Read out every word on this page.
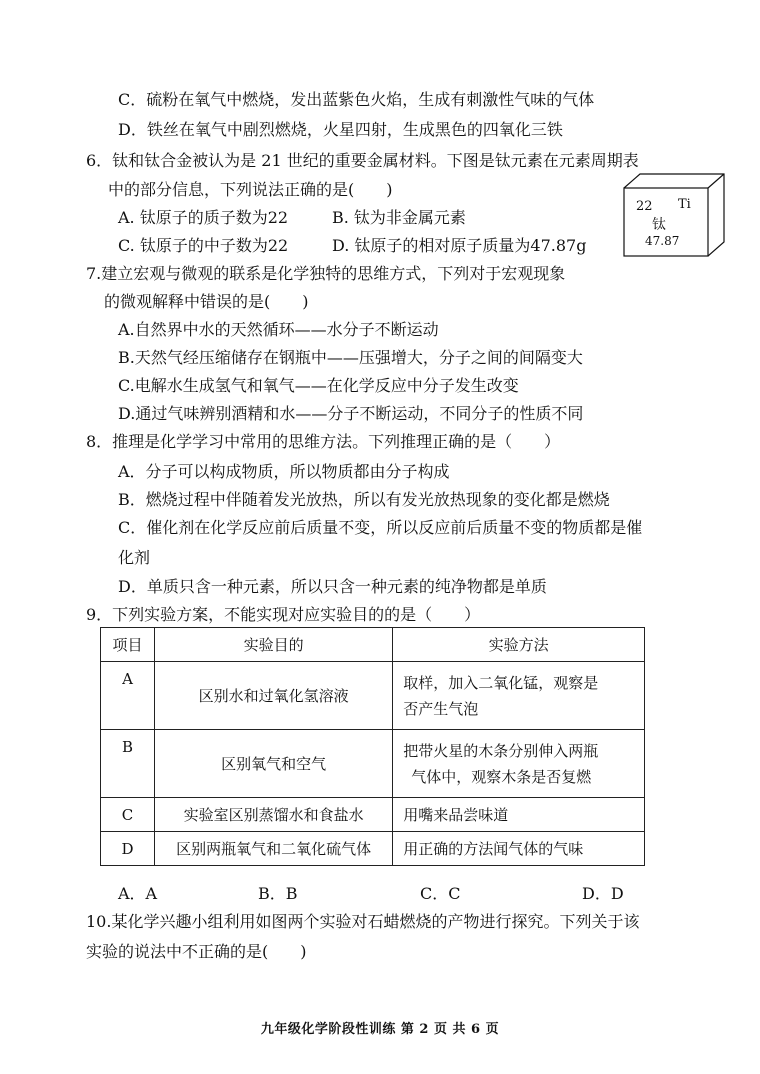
C．硫粉在氧气中燃烧，发出蓝紫色火焰，生成有刺激性气味的气体
D．铁丝在氧气中剧烈燃烧，火星四射，生成黑色的四氧化三铁
6．钛和钛合金被认为是 21 世纪的重要金属材料。下图是钛元素在元素周期表
中的部分信息，下列说法正确的是(　　)
A. 钛原子的质子数为22	B. 钛为非金属元素
C. 钛原子的中子数为22	D. 钛原子的相对原子质量为47.87g
22 Ti
钛
47.87
7.建立宏观与微观的联系是化学独特的思维方式，下列对于宏观现象
的微观解释中错误的是(　　)
A.自然界中水的天然循环——水分子不断运动
B.天然气经压缩储存在钢瓶中——压强增大，分子之间的间隔变大
C.电解水生成氢气和氧气——在化学反应中分子发生改变
D.通过气味辨别酒精和水——分子不断运动，不同分子的性质不同
8．推理是化学学习中常用的思维方法。下列推理正确的是（　　）
A．分子可以构成物质，所以物质都由分子构成
B．燃烧过程中伴随着发光放热，所以有发光放热现象的变化都是燃烧
C．催化剂在化学反应前后质量不变，所以反应前后质量不变的物质都是催
化剂
D．单质只含一种元素，所以只含一种元素的纯净物都是单质
9．下列实验方案，不能实现对应实验目的的是（　　）
项目	实验目的	实验方法
A	区别水和过氧化氢溶液	取样，加入二氧化锰，观察是
否产生气泡

B	区别氧气和空气	把带火星的木条分别伸入两瓶
气体中，观察木条是否复燃

C	实验室区别蒸馏水和食盐水	用嘴来品尝味道
D	区别两瓶氧气和二氧化硫气体	用正确的方法闻气体的气味
A．A	B．B	C．C	D．D
10.某化学兴趣小组利用如图两个实验对石蜡燃烧的产物进行探究。下列关于该
实验的说法中不正确的是(　　)
九年级化学阶段性训练 第 2 页 共 6 页
